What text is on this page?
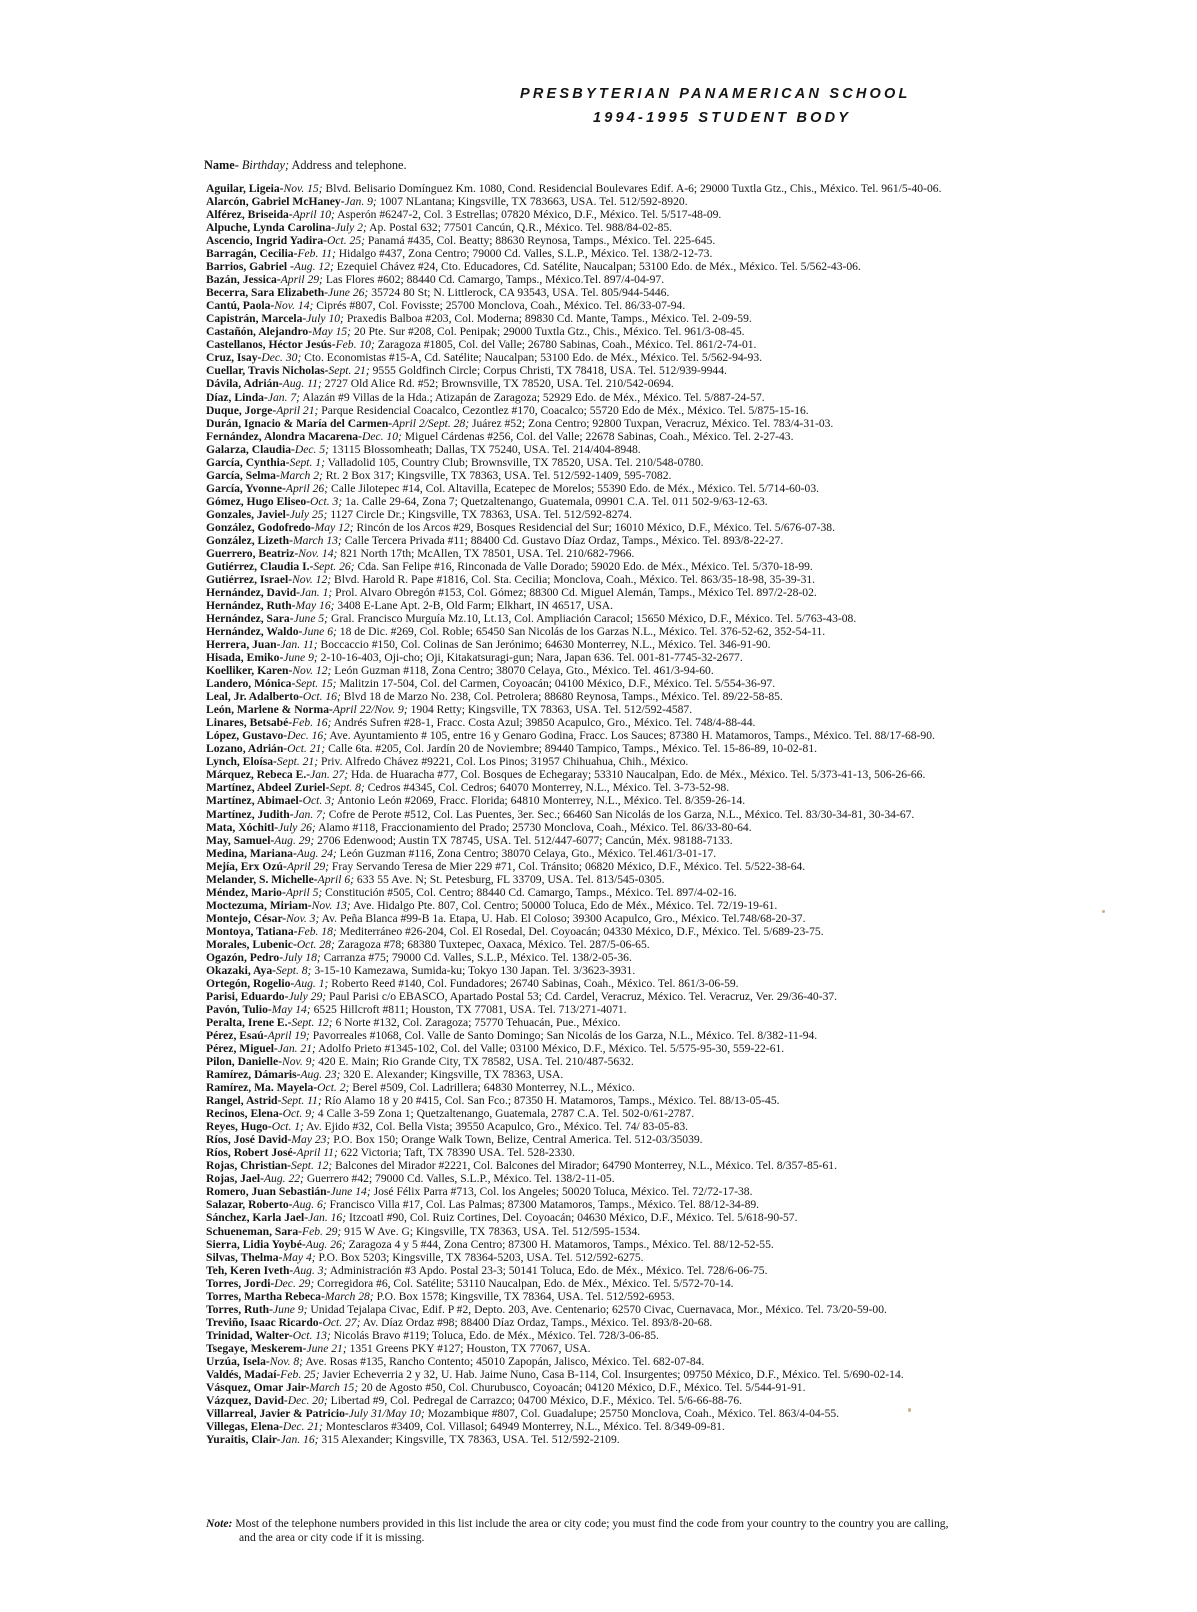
PRESBYTERIAN PANAMERICAN SCHOOL
1994-1995 STUDENT BODY
Name- Birthday; Address and telephone.
Aguilar, Ligeia-Nov. 15; Blvd. Belisario Domínguez Km. 1080, Cond. Residencial Boulevares Edif. A-6; 29000 Tuxtla Gtz., Chis., México. Tel. 961/5-40-06.
Alarcón, Gabriel McHaney-Jan. 9; 1007 NLantana; Kingsville, TX 783663, USA. Tel. 512/592-8920.
Alférez, Briseida-April 10; Asperón #6247-2, Col. 3 Estrellas; 07820 México, D.F., México. Tel. 5/517-48-09.
Alpuche, Lynda Carolina-July 2; Ap. Postal 632; 77501 Cancún, Q.R., México. Tel. 988/84-02-85.
Ascencio, Ingrid Yadira-Oct. 25; Panamá #435, Col. Beatty; 88630 Reynosa, Tamps., México. Tel. 225-645.
Barragán, Cecilia-Feb. 11; Hidalgo #437, Zona Centro; 79000 Cd. Valles, S.L.P., México. Tel. 138/2-12-73.
Barrios, Gabriel -Aug. 12; Ezequiel Chávez #24, Cto. Educadores, Cd. Satélite, Naucalpan; 53100 Edo. de Méx., México. Tel. 5/562-43-06.
Bazán, Jessica-April 29; Las Flores #602; 88440 Cd. Camargo, Tamps., México.Tel. 897/4-04-97.
Becerra, Sara Elizabeth-June 26; 35724 80 St; N. Littlerock, CA 93543, USA. Tel. 805/944-5446.
Cantú, Paola-Nov. 14; Ciprés #807, Col. Fovisste; 25700 Monclova, Coah., México. Tel. 86/33-07-94.
Capistrán, Marcela-July 10; Praxedis Balboa #203, Col. Moderna; 89830 Cd. Mante, Tamps., México. Tel. 2-09-59.
Castañón, Alejandro-May 15; 20 Pte. Sur #208, Col. Penipak; 29000 Tuxtla Gtz., Chis., México. Tel. 961/3-08-45.
Castellanos, Héctor Jesús-Feb. 10; Zaragoza #1805, Col. del Valle; 26780 Sabinas, Coah., México. Tel. 861/2-74-01.
Cruz, Isay-Dec. 30; Cto. Economistas #15-A, Cd. Satélite; Naucalpan; 53100 Edo. de Méx., México. Tel. 5/562-94-93.
Cuellar, Travis Nicholas-Sept. 21; 9555 Goldfinch Circle; Corpus Christi, TX 78418, USA. Tel. 512/939-9944.
Dávila, Adrián-Aug. 11; 2727 Old Alice Rd. #52; Brownsville, TX 78520, USA. Tel. 210/542-0694.
Díaz, Linda-Jan. 7; Alazán #9 Villas de la Hda.; Atizapán de Zaragoza; 52929 Edo. de Méx., México. Tel. 5/887-24-57.
Duque, Jorge-April 21; Parque Residencial Coacalco, Cezontlez #170, Coacalco; 55720 Edo de Méx., México. Tel. 5/875-15-16.
Durán, Ignacio & María del Carmen-April 2/Sept. 28; Juárez #52; Zona Centro; 92800 Tuxpan, Veracruz, México. Tel. 783/4-31-03.
Fernández, Alondra Macarena-Dec. 10; Miguel Cárdenas #256, Col. del Valle; 22678 Sabinas, Coah., México. Tel. 2-27-43.
Galarza, Claudia-Dec. 5; 13115 Blossomheath; Dallas, TX 75240, USA. Tel. 214/404-8948.
García, Cynthia-Sept. 1; Valladolid 105, Country Club; Brownsville, TX 78520, USA. Tel. 210/548-0780.
García, Selma-March 2; Rt. 2 Box 317; Kingsville, TX 78363, USA. Tel. 512/592-1409, 595-7082.
García, Yvonne-April 26; Calle Jilotepec #14, Col. Altavilla, Ecatepec de Morelos; 55390 Edo. de Méx., México. Tel. 5/714-60-03.
Gómez, Hugo Eliseo-Oct. 3; 1a. Calle 29-64, Zona 7; Quetzaltenango, Guatemala, 09901 C.A. Tel. 011 502-9/63-12-63.
Gonzales, Javiel-July 25; 1127 Circle Dr.; Kingsville, TX 78363, USA. Tel. 512/592-8274.
González, Godofredo-May 12; Rincón de los Arcos #29, Bosques Residencial del Sur; 16010 México, D.F., México. Tel. 5/676-07-38.
González, Lizeth-March 13; Calle Tercera Privada #11; 88400 Cd. Gustavo Díaz Ordaz, Tamps., México. Tel. 893/8-22-27.
Guerrero, Beatriz-Nov. 14; 821 North 17th; McAllen, TX 78501, USA. Tel. 210/682-7966.
Gutiérrez, Claudia I.-Sept. 26; Cda. San Felipe #16, Rinconada de Valle Dorado; 59020 Edo. de Méx., México. Tel. 5/370-18-99.
Gutiérrez, Israel-Nov. 12; Blvd. Harold R. Pape #1816, Col. Sta. Cecilia; Monclova, Coah., México. Tel. 863/35-18-98, 35-39-31.
Hernández, David-Jan. 1; Prol. Alvaro Obregón #153, Col. Gómez; 88300 Cd. Miguel Alemán, Tamps., México Tel. 897/2-28-02.
Hernández, Ruth-May 16; 3408 E-Lane Apt. 2-B, Old Farm; Elkhart, IN 46517, USA.
Hernández, Sara-June 5; Gral. Francisco Murguía Mz.10, Lt.13, Col. Ampliación Caracol; 15650 México, D.F., México. Tel. 5/763-43-08.
Hernández, Waldo-June 6; 18 de Dic. #269, Col. Roble; 65450 San Nicolás de los Garzas N.L., México. Tel. 376-52-62, 352-54-11.
Herrera, Juan-Jan. 11; Boccaccio #150, Col. Colinas de San Jerónimo; 64630 Monterrey, N.L., México. Tel. 346-91-90.
Hisada, Emiko-June 9; 2-10-16-403, Oji-cho; Oji, Kitakatsuragi-gun; Nara, Japan 636. Tel. 001-81-7745-32-2677.
Koelliker, Karen-Nov. 12; León Guzman #118, Zona Centro; 38070 Celaya, Gto., México. Tel. 461/3-94-60.
Landero, Mónica-Sept. 15; Malitzin 17-504, Col. del Carmen, Coyoacán; 04100 México, D.F., México. Tel. 5/554-36-97.
Leal, Jr. Adalberto-Oct. 16; Blvd 18 de Marzo No. 238, Col. Petrolera; 88680 Reynosa, Tamps., México. Tel. 89/22-58-85.
León, Marlene & Norma-April 22/Nov. 9; 1904 Retty; Kingsville, TX 78363, USA. Tel. 512/592-4587.
Linares, Betsabé-Feb. 16; Andrés Sufren #28-1, Fracc. Costa Azul; 39850 Acapulco, Gro., México. Tel. 748/4-88-44.
López, Gustavo-Dec. 16; Ave. Ayuntamiento # 105, entre 16 y Genaro Godina, Fracc. Los Sauces; 87380 H. Matamoros, Tamps., México. Tel. 88/17-68-90.
Lozano, Adrián-Oct. 21; Calle 6ta. #205, Col. Jardín 20 de Noviembre; 89440 Tampico, Tamps., México. Tel. 15-86-89, 10-02-81.
Lynch, Eloísa-Sept. 21; Priv. Alfredo Chávez #9221, Col. Los Pinos; 31957 Chihuahua, Chih., México.
Márquez, Rebeca E.-Jan. 27; Hda. de Huaracha #77, Col. Bosques de Echegaray; 53310 Naucalpan, Edo. de Méx., México. Tel. 5/373-41-13, 506-26-66.
Martínez, Abdeel Zuriel-Sept. 8; Cedros #4345, Col. Cedros; 64070 Monterrey, N.L., México. Tel. 3-73-52-98.
Martínez, Abimael-Oct. 3; Antonio León #2069, Fracc. Florida; 64810 Monterrey, N.L., México. Tel. 8/359-26-14.
Martínez, Judith-Jan. 7; Cofre de Perote #512, Col. Las Puentes, 3er. Sec.; 66460 San Nicolás de los Garza, N.L., México. Tel. 83/30-34-81, 30-34-67.
Mata, Xóchitl-July 26; Alamo #118, Fraccionamiento del Prado; 25730 Monclova, Coah., México. Tel. 86/33-80-64.
May, Samuel-Aug. 29; 2706 Edenwood; Austin TX 78745, USA. Tel. 512/447-6077; Cancún, Méx. 98188-7133.
Medina, Mariana-Aug. 24; León Guzman #116, Zona Centro; 38070 Celaya, Gto., México. Tel.461/3-01-17.
Mejía, Erx Ozú-April 29; Fray Servando Teresa de Mier 229 #71, Col. Tránsito; 06820 México, D.F., México. Tel. 5/522-38-64.
Melander, S. Michelle-April 6; 633 55 Ave. N; St. Petesburg, FL 33709, USA. Tel. 813/545-0305.
Méndez, Mario-April 5; Constitución #505, Col. Centro; 88440 Cd. Camargo, Tamps., México. Tel. 897/4-02-16.
Moctezuma, Miriam-Nov. 13; Ave. Hidalgo Pte. 807, Col. Centro; 50000 Toluca, Edo de Méx., México. Tel. 72/19-19-61.
Montejo, César-Nov. 3; Av. Peña Blanca #99-B 1a. Etapa, U. Hab. El Coloso; 39300 Acapulco, Gro., México. Tel.748/68-20-37.
Montoya, Tatiana-Feb. 18; Mediterráneo #26-204, Col. El Rosedal, Del. Coyoacán; 04330 México, D.F., México. Tel. 5/689-23-75.
Morales, Lubenic-Oct. 28; Zaragoza #78; 68380 Tuxtepec, Oaxaca, México. Tel. 287/5-06-65.
Ogazón, Pedro-July 18; Carranza #75; 79000 Cd. Valles, S.L.P., México. Tel. 138/2-05-36.
Okazaki, Aya-Sept. 8; 3-15-10 Kamezawa, Sumida-ku; Tokyo 130 Japan. Tel. 3/3623-3931.
Ortegón, Rogelio-Aug. 1; Roberto Reed #140, Col. Fundadores; 26740 Sabinas, Coah., México. Tel. 861/3-06-59.
Parisi, Eduardo-July 29; Paul Parisi c/o EBASCO, Apartado Postal 53; Cd. Cardel, Veracruz, México. Tel. Veracruz, Ver. 29/36-40-37.
Pavón, Tulio-May 14; 6525 Hillcroft #811; Houston, TX 77081, USA. Tel. 713/271-4071.
Peralta, Irene E.-Sept. 12; 6 Norte #132, Col. Zaragoza; 75770 Tehuacán, Pue., México.
Pérez, Esaú-April 19; Pavorreales #1068, Col. Valle de Santo Domingo; San Nicolás de los Garza, N.L., México. Tel. 8/382-11-94.
Pérez, Miguel-Jan. 21; Adolfo Prieto #1345-102, Col. del Valle; 03100 México, D.F., México. Tel. 5/575-95-30, 559-22-61.
Pilon, Danielle-Nov. 9; 420 E. Main; Rio Grande City, TX 78582, USA. Tel. 210/487-5632.
Ramírez, Dámaris-Aug. 23; 320 E. Alexander; Kingsville, TX 78363, USA.
Ramírez, Ma. Mayela-Oct. 2; Berel #509, Col. Ladrillera; 64830 Monterrey, N.L., México.
Rangel, Astrid-Sept. 11; Río Alamo 18 y 20 #415, Col. San Fco.; 87350 H. Matamoros, Tamps., México. Tel. 88/13-05-45.
Recinos, Elena-Oct. 9; 4 Calle 3-59 Zona 1; Quetzaltenango, Guatemala, 2787 C.A. Tel. 502-0/61-2787.
Reyes, Hugo-Oct. 1; Av. Ejido #32, Col. Bella Vista; 39550 Acapulco, Gro., México. Tel. 74/ 83-05-83.
Ríos, José David-May 23; P.O. Box 150; Orange Walk Town, Belize, Central America. Tel. 512-03/35039.
Ríos, Robert José-April 11; 622 Victoria; Taft, TX 78390 USA. Tel. 528-2330.
Rojas, Christian-Sept. 12; Balcones del Mirador #2221, Col. Balcones del Mirador; 64790 Monterrey, N.L., México. Tel. 8/357-85-61.
Rojas, Jael-Aug. 22; Guerrero #42; 79000 Cd. Valles, S.L.P., México. Tel. 138/2-11-05.
Romero, Juan Sebastián-June 14; José Félix Parra #713, Col. los Angeles; 50020 Toluca, México. Tel. 72/72-17-38.
Salazar, Roberto-Aug. 6; Francisco Villa #17, Col. Las Palmas; 87300 Matamoros, Tamps., México. Tel. 88/12-34-89.
Sánchez, Karla Jael-Jan. 16; Itzcoatl #90, Col. Ruiz Cortines, Del. Coyoacán; 04630 México, D.F., México. Tel. 5/618-90-57.
Schueneman, Sara-Feb. 29; 915 W Ave. G; Kingsville, TX 78363, USA. Tel. 512/595-1534.
Sierra, Lidia Yoybé-Aug. 26; Zaragoza 4 y 5 #44, Zona Centro; 87300 H. Matamoros, Tamps., México. Tel. 88/12-52-55.
Silvas, Thelma-May 4; P.O. Box 5203; Kingsville, TX 78364-5203, USA. Tel. 512/592-6275.
Teh, Keren Iveth-Aug. 3; Administración #3 Apdo. Postal 23-3; 50141 Toluca, Edo. de Méx., México. Tel. 728/6-06-75.
Torres, Jordi-Dec. 29; Corregidora #6, Col. Satélite; 53110 Naucalpan, Edo. de Méx., México. Tel. 5/572-70-14.
Torres, Martha Rebeca-March 28; P.O. Box 1578; Kingsville, TX 78364, USA. Tel. 512/592-6953.
Torres, Ruth-June 9; Unidad Tejalapa Civac, Edif. P #2, Depto. 203, Ave. Centenario; 62570 Civac, Cuernavaca, Mor., México. Tel. 73/20-59-00.
Treviño, Isaac Ricardo-Oct. 27; Av. Díaz Ordaz #98; 88400 Díaz Ordaz, Tamps., México. Tel. 893/8-20-68.
Trinidad, Walter-Oct. 13; Nicolás Bravo #119; Toluca, Edo. de Méx., México. Tel. 728/3-06-85.
Tsegaye, Meskerem-June 21; 1351 Greens PKY #127; Houston, TX 77067, USA.
Urzúa, Isela-Nov. 8; Ave. Rosas #135, Rancho Contento; 45010 Zapopán, Jalisco, México. Tel. 682-07-84.
Valdés, Madaí-Feb. 25; Javier Echeverria 2 y 32, U. Hab. Jaime Nuno, Casa B-114, Col. Insurgentes; 09750 México, D.F., México. Tel. 5/690-02-14.
Vásquez, Omar Jair-March 15; 20 de Agosto #50, Col. Churubusco, Coyoacán; 04120 México, D.F., México. Tel. 5/544-91-91.
Vázquez, David-Dec. 20; Libertad #9, Col. Pedregal de Carrazco; 04700 México, D.F., México. Tel. 5/6-66-88-76.
Villarreal, Javier & Patricio-July 31/May 10; Mozambique #807, Col. Guadalupe; 25750 Monclova, Coah., México. Tel. 863/4-04-55.
Villegas, Elena-Dec. 21; Montesclaros #3409, Col. Villasol; 64949 Monterrey, N.L., México. Tel. 8/349-09-81.
Yuraitis, Clair-Jan. 16; 315 Alexander; Kingsville, TX 78363, USA. Tel. 512/592-2109.
Note: Most of the telephone numbers provided in this list include the area or city code; you must find the code from your country to the country you are calling,
and the area or city code if it is missing.
